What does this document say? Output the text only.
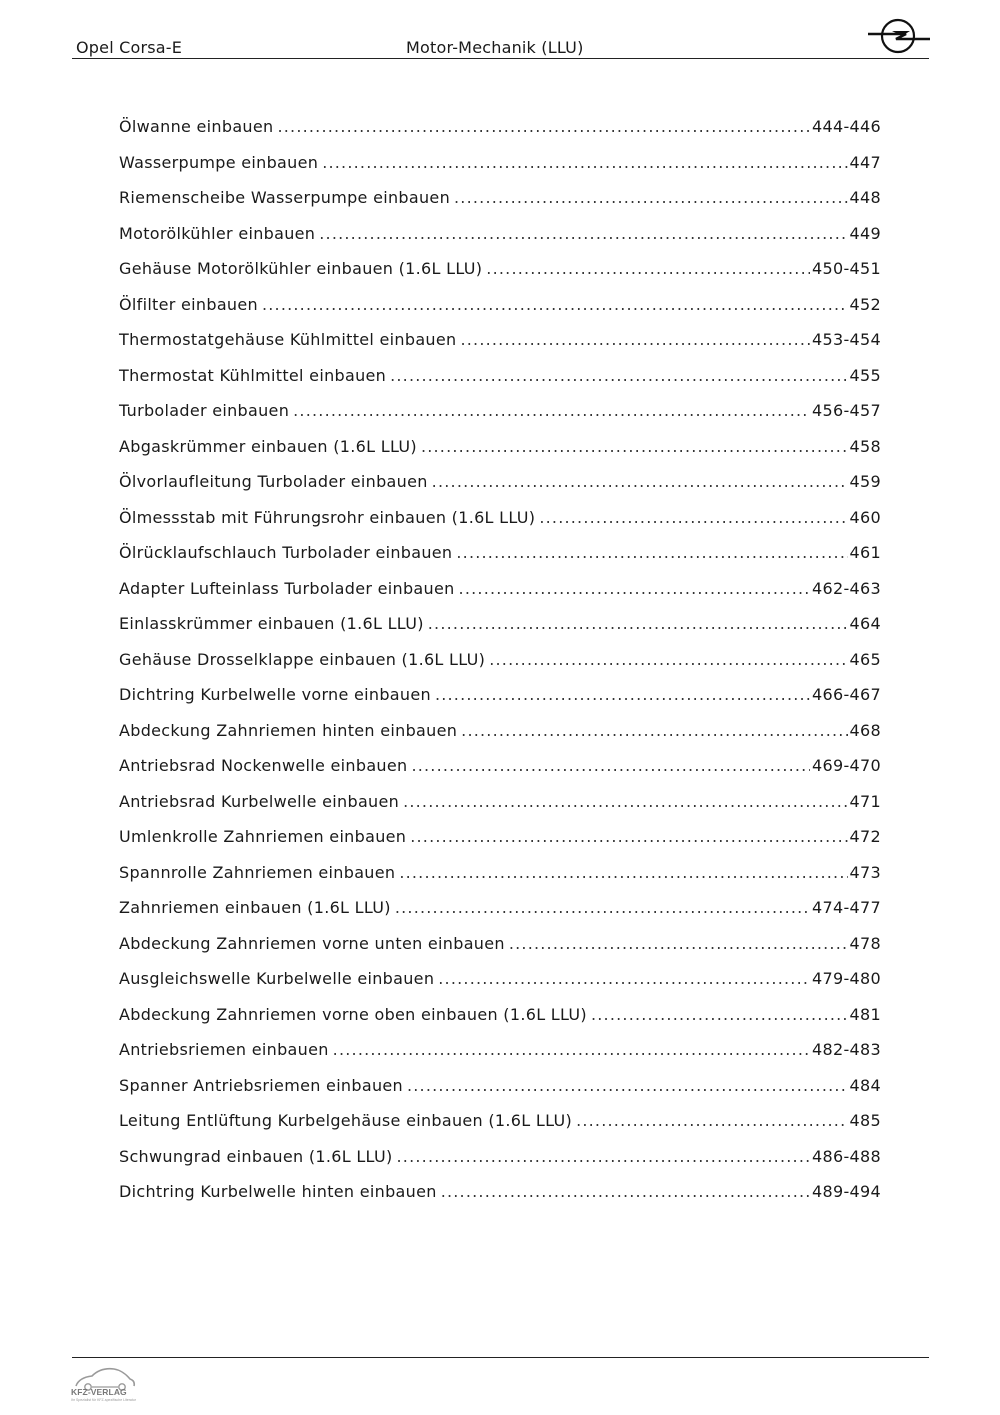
Opel Corsa-E	Motor-Mechanik (LLU)
Ölwanne einbauen .....	444-446
Wasserpumpe einbauen .....	447
Riemenscheibe Wasserpumpe einbauen .....	448
Motorölkühler einbauen .....	449
Gehäuse Motorölkühler einbauen (1.6L LLU) .....	450-451
Ölfilter einbauen .....	452
Thermostatgehäuse Kühlmittel einbauen .....	453-454
Thermostat Kühlmittel einbauen .....	455
Turbolader einbauen .....	456-457
Abgaskrümmer einbauen (1.6L LLU) .....	458
Ölvorlaufleitung Turbolader einbauen .....	459
Ölmessstab mit Führungsrohr einbauen (1.6L LLU) .....	460
Ölrücklaufschlauch Turbolader einbauen .....	461
Adapter Lufteinlass Turbolader einbauen .....	462-463
Einlasskrümmer einbauen (1.6L LLU) .....	464
Gehäuse Drosselklappe einbauen (1.6L LLU) .....	465
Dichtring Kurbelwelle vorne einbauen .....	466-467
Abdeckung Zahnriemen hinten einbauen .....	468
Antriebsrad Nockenwelle einbauen .....	469-470
Antriebsrad Kurbelwelle einbauen .....	471
Umlenkrolle Zahnriemen einbauen .....	472
Spannrolle Zahnriemen einbauen .....	473
Zahnriemen einbauen (1.6L LLU) .....	474-477
Abdeckung Zahnriemen vorne unten einbauen .....	478
Ausgleichswelle Kurbelwelle einbauen .....	479-480
Abdeckung Zahnriemen vorne oben einbauen (1.6L LLU) .....	481
Antriebsriemen einbauen .....	482-483
Spanner Antriebsriemen einbauen .....	484
Leitung Entlüftung Kurbelgehäuse einbauen (1.6L LLU) .....	485
Schwungrad einbauen (1.6L LLU) .....	486-488
Dichtring Kurbelwelle hinten einbauen .....	489-494
KFZ-VERLAG
Ihr Spezialist für KFZ-spezifische Literatur
